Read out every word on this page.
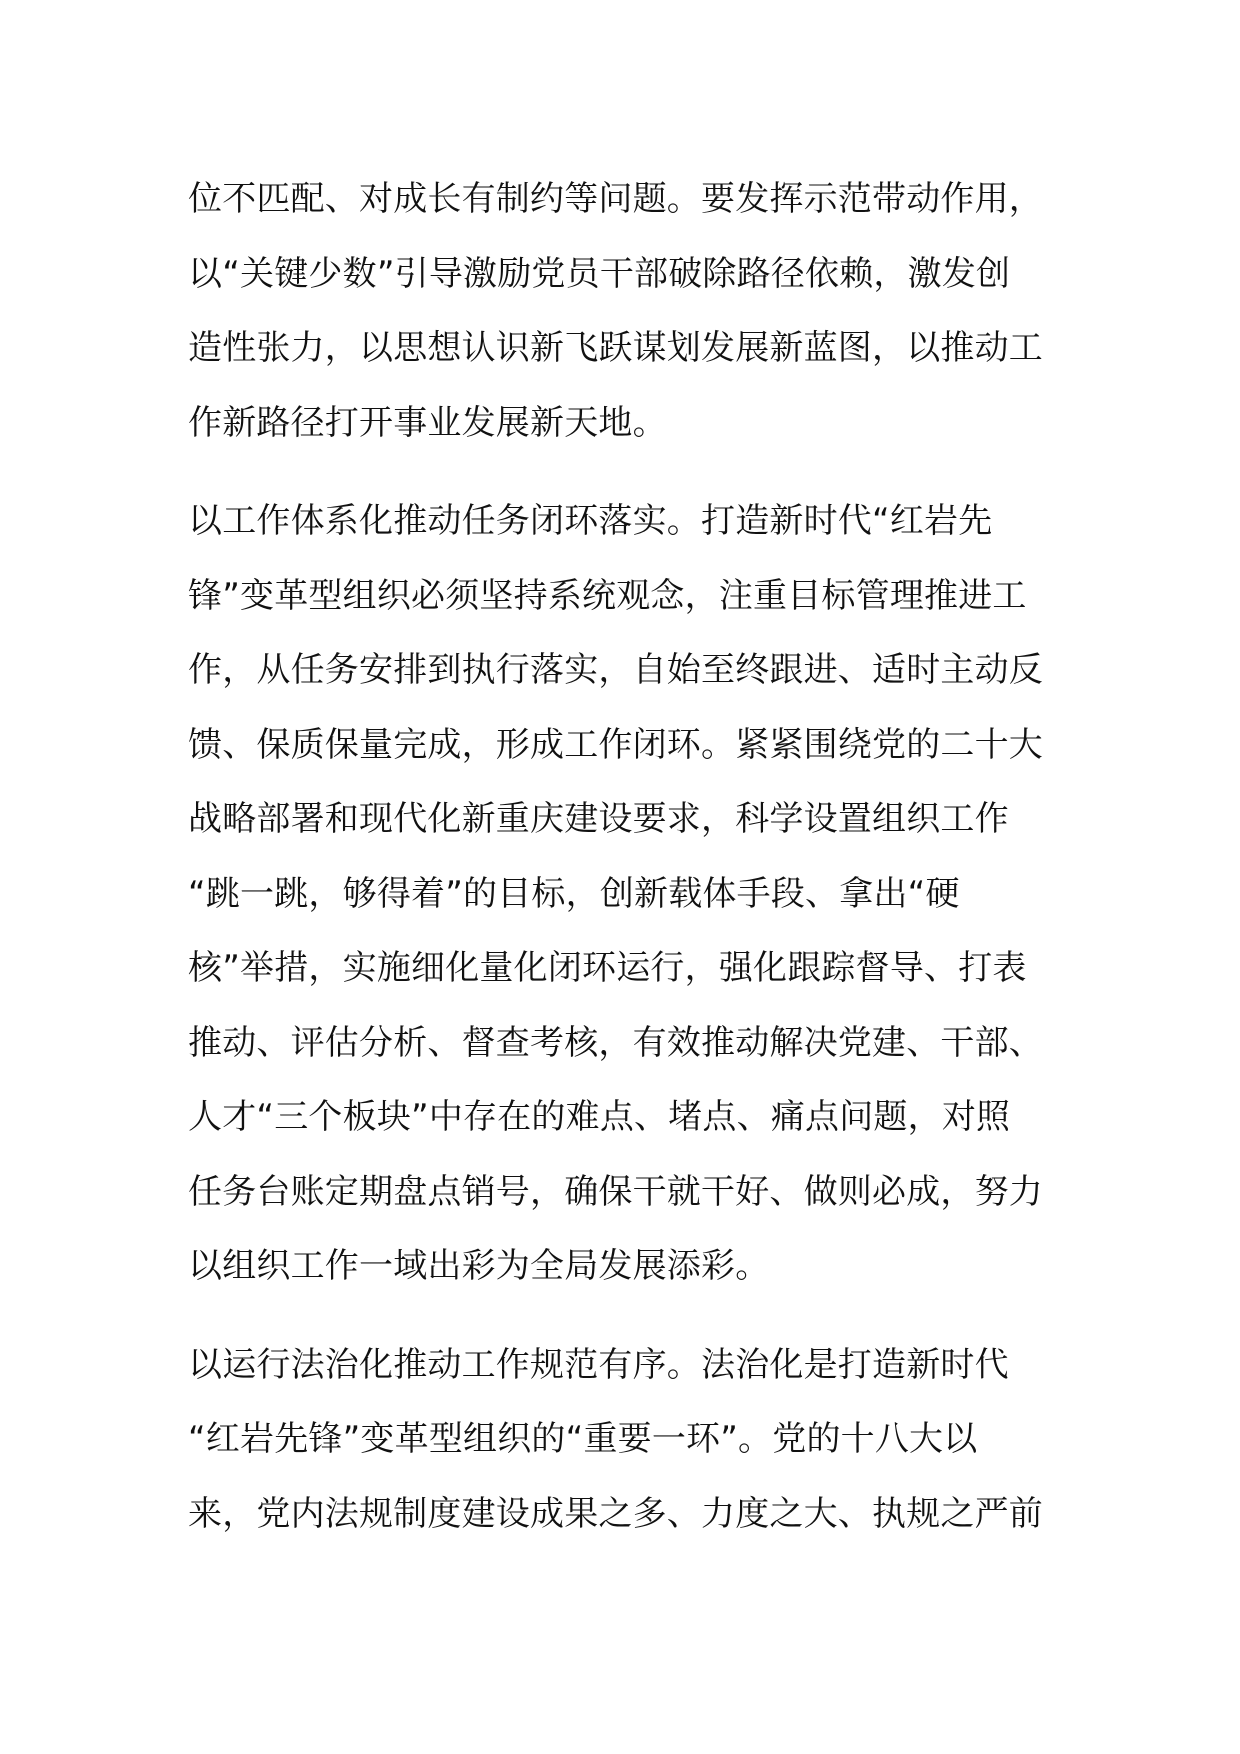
位不匹配、对成长有制约等问题。要发挥示范带动作用，
以“关键少数”引导激励党员干部破除路径依赖，激发创
造性张力，以思想认识新飞跃谋划发展新蓝图，以推动工
作新路径打开事业发展新天地。

以工作体系化推动任务闭环落实。打造新时代“红岩先
锋”变革型组织必须坚持系统观念，注重目标管理推进工
作，从任务安排到执行落实，自始至终跟进、适时主动反
馈、保质保量完成，形成工作闭环。紧紧围绕党的二十大
战略部署和现代化新重庆建设要求，科学设置组织工作
“跳一跳，够得着”的目标，创新载体手段、拿出“硬
核”举措，实施细化量化闭环运行，强化跟踪督导、打表
推动、评估分析、督查考核，有效推动解决党建、干部、
人才“三个板块”中存在的难点、堵点、痛点问题，对照
任务台账定期盘点销号，确保干就干好、做则必成，努力
以组织工作一域出彩为全局发展添彩。

以运行法治化推动工作规范有序。法治化是打造新时代
“红岩先锋”变革型组织的“重要一环”。党的十八大以
来，党内法规制度建设成果之多、力度之大、执规之严前
